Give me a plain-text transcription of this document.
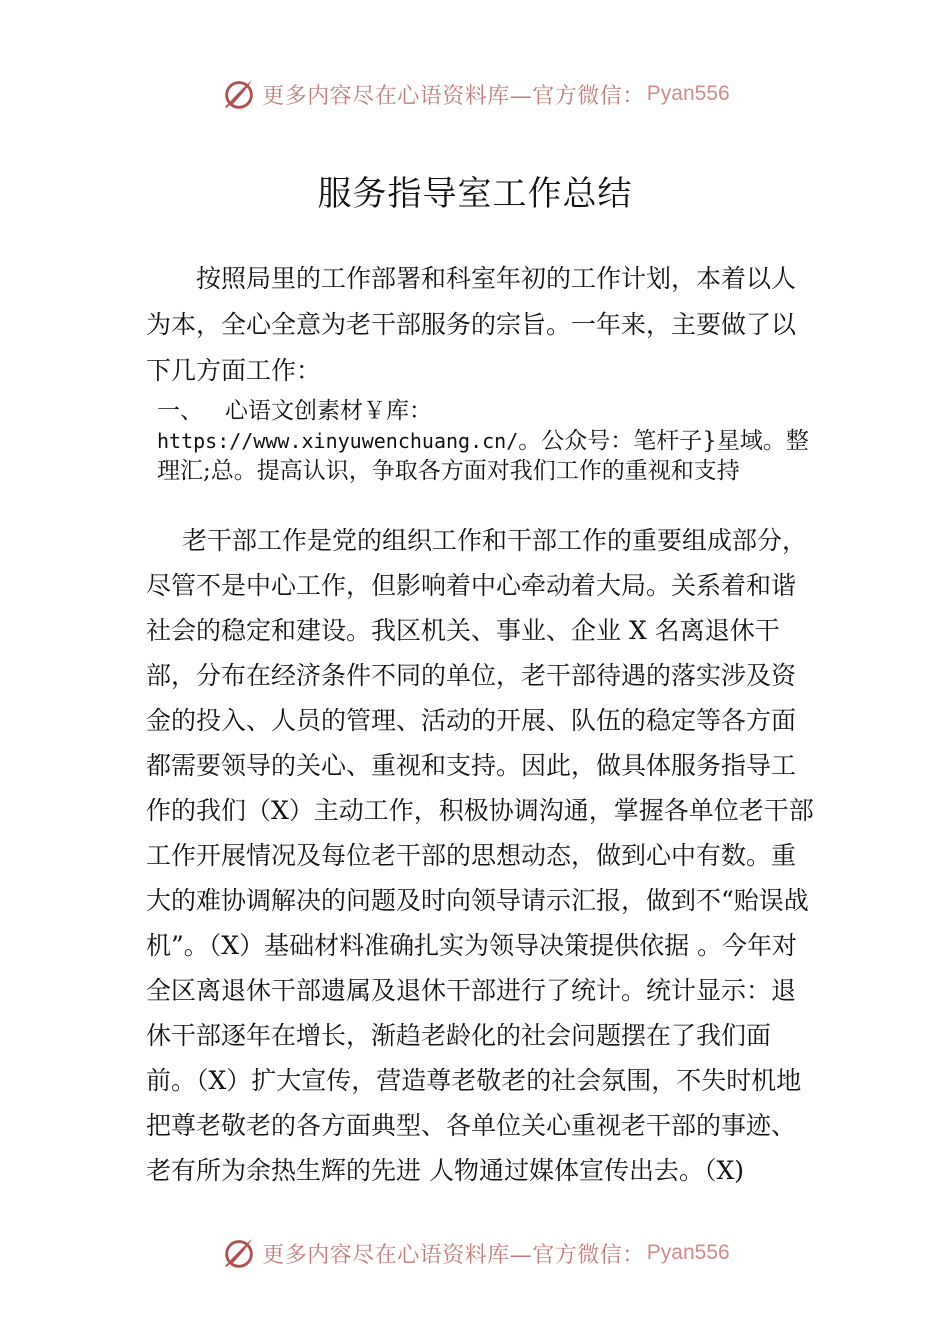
更多内容尽在心语资料库—官方微信： Pyan556
服务指导室工作总结

按照局里的工作部署和科室年初的工作计划，本着以人为本，全心全意为老干部服务的宗旨。一年来，主要做了以下几方面工作：

一、 心语文创素材￥库：
https://www.xinyuwenchuang.cn/。公众号：笔杆子}星域。整理汇;总。提高认识，争取各方面对我们工作的重视和支持

老干部工作是党的组织工作和干部工作的重要组成部分，尽管不是中心工作，但影响着中心牵动着大局。关系着和谐社会的稳定和建设。我区机关、事业、企业 X 名离退休干部，分布在经济条件不同的单位，老干部待遇的落实涉及资金的投入、人员的管理、活动的开展、队伍的稳定等各方面都需要领导的关心、重视和支持。因此，做具体服务指导工作的我们（X）主动工作，积极协调沟通，掌握各单位老干部工作开展情况及每位老干部的思想动态，做到心中有数。重大的难协调解决的问题及时向领导请示汇报，做到不“贻误战机”。（X）基础材料准确扎实为领导决策提供依据 。今年对全区离退休干部遗属及退休干部进行了统计。统计显示：退休干部逐年在增长，渐趋老龄化的社会问题摆在了我们面前。（X）扩大宣传，营造尊老敬老的社会氛围，不失时机地把尊老敬老的各方面典型、各单位关心重视老干部的事迹、老有所为余热生辉的先进 人物通过媒体宣传出去。（X)

更多内容尽在心语资料库—官方微信： Pyan556
